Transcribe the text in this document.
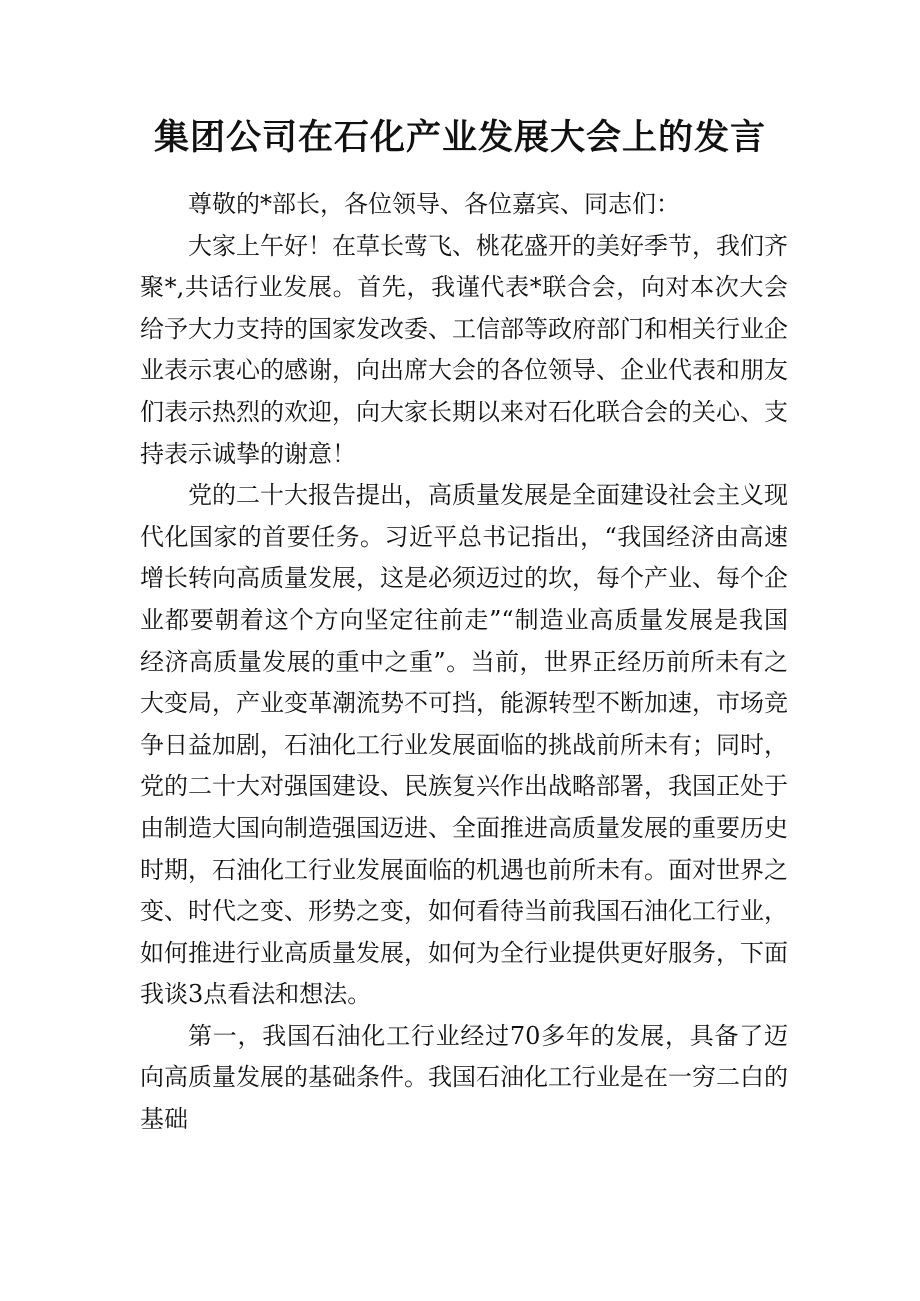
集团公司在石化产业发展大会上的发言

尊敬的*部长，各位领导、各位嘉宾、同志们：

大家上午好！在草长莺飞、桃花盛开的美好季节，我们齐聚*,共话行业发展。首先，我谨代表*联合会，向对本次大会给予大力支持的国家发改委、工信部等政府部门和相关行业企业表示衷心的感谢，向出席大会的各位领导、企业代表和朋友们表示热烈的欢迎，向大家长期以来对石化联合会的关心、支持表示诚挚的谢意！

党的二十大报告提出，高质量发展是全面建设社会主义现代化国家的首要任务。习近平总书记指出，“我国经济由高速增长转向高质量发展，这是必须迈过的坎，每个产业、每个企业都要朝着这个方向坚定往前走”“制造业高质量发展是我国经济高质量发展的重中之重”。当前，世界正经历前所未有之大变局，产业变革潮流势不可挡，能源转型不断加速，市场竞争日益加剧，石油化工行业发展面临的挑战前所未有；同时，党的二十大对强国建设、民族复兴作出战略部署，我国正处于由制造大国向制造强国迈进、全面推进高质量发展的重要历史时期，石油化工行业发展面临的机遇也前所未有。面对世界之变、时代之变、形势之变，如何看待当前我国石油化工行业，如何推进行业高质量发展，如何为全行业提供更好服务，下面我谈3点看法和想法。

第一，我国石油化工行业经过70多年的发展，具备了迈向高质量发展的基础条件。我国石油化工行业是在一穷二白的基础
